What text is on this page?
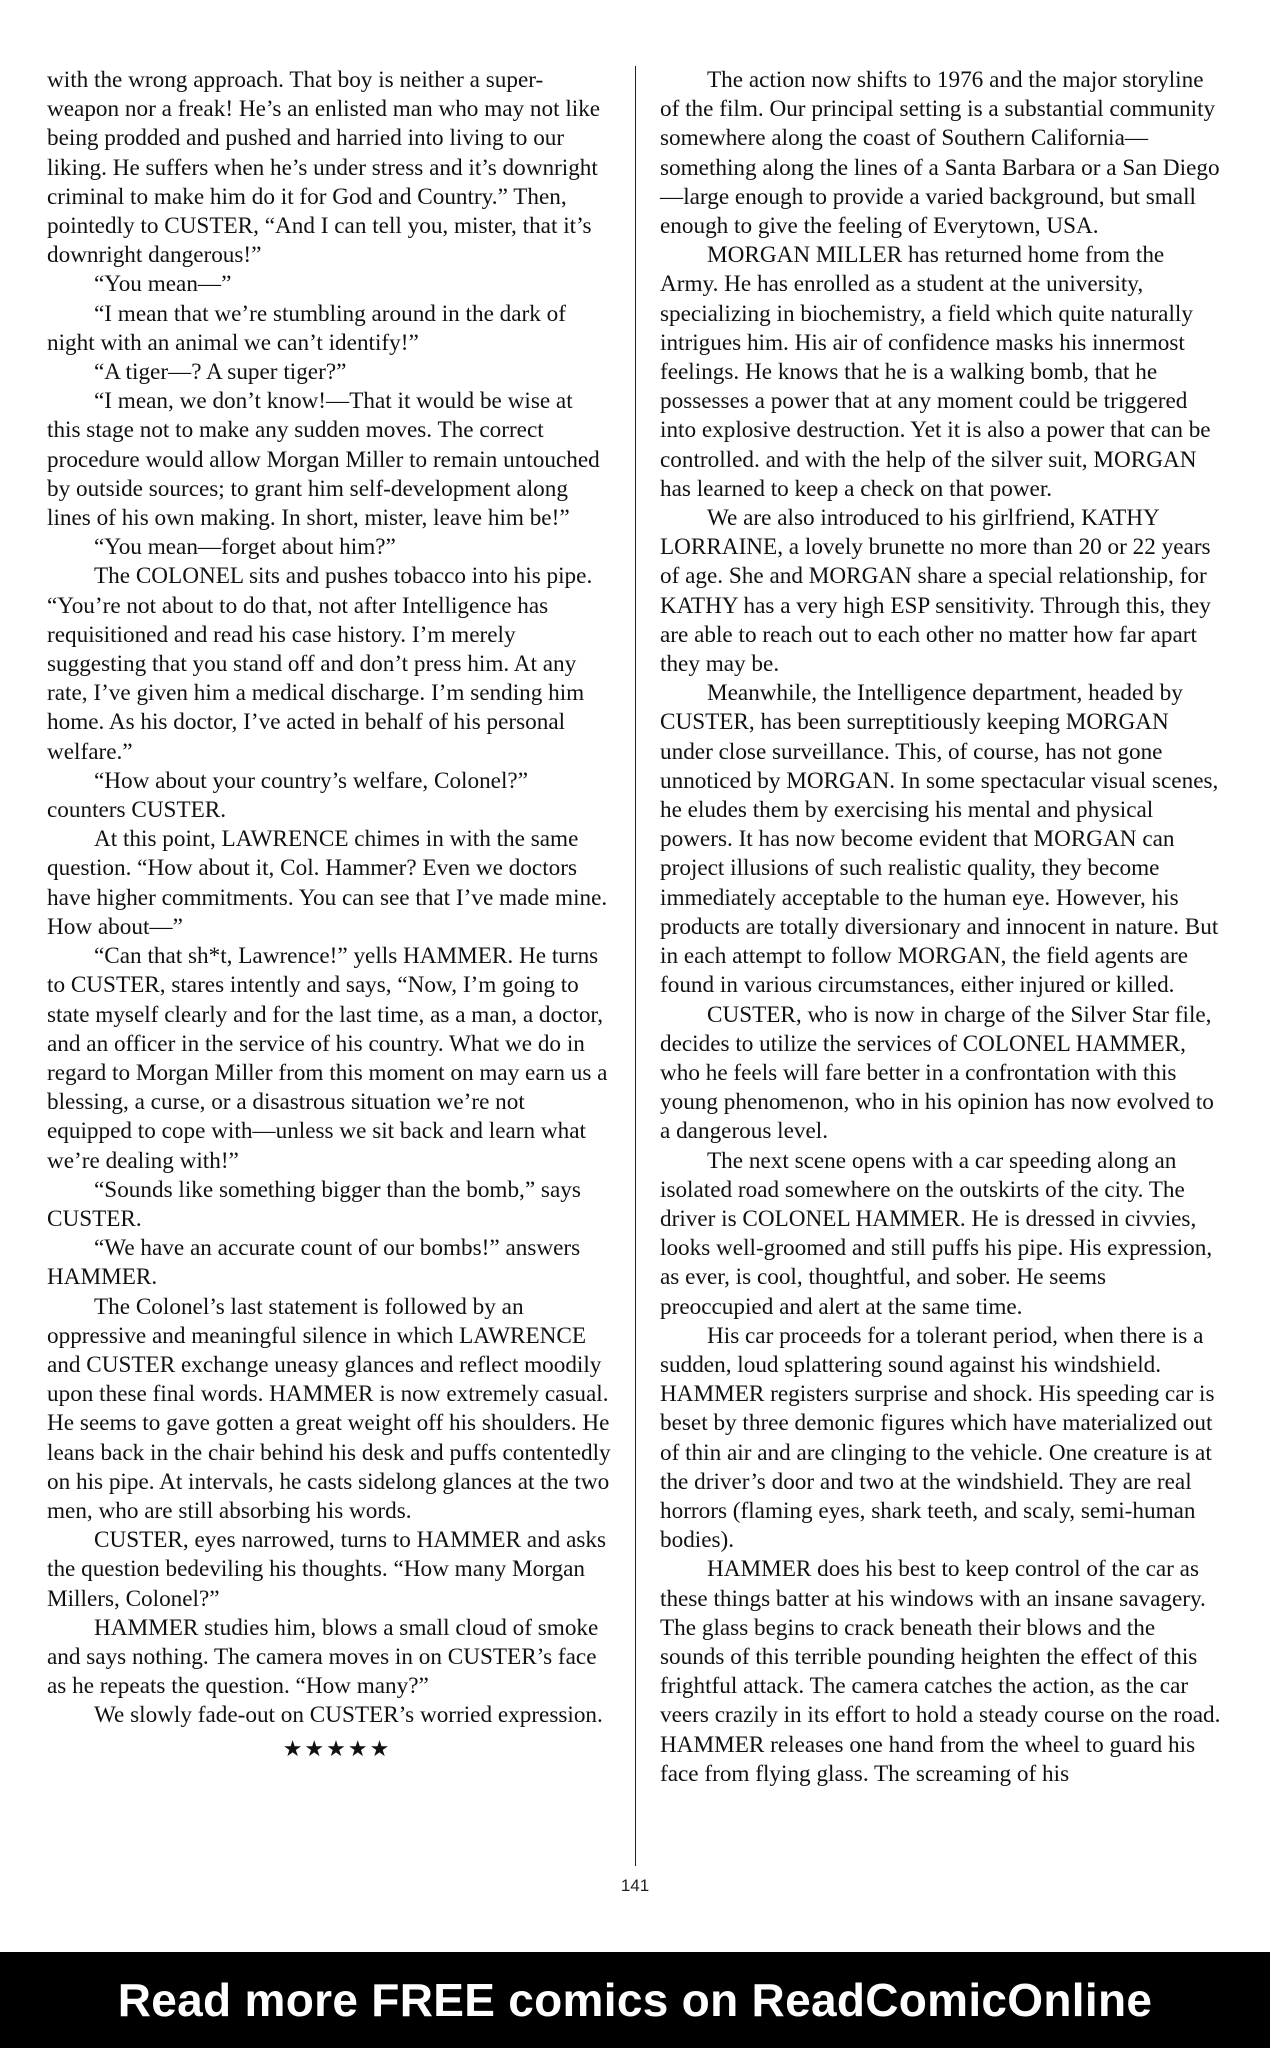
with the wrong approach. That boy is neither a super-weapon nor a freak! He’s an enlisted man who may not like being prodded and pushed and harried into living to our liking. He suffers when he’s under stress and it’s downright criminal to make him do it for God and Country.” Then, pointedly to CUSTER, “And I can tell you, mister, that it’s downright dangerous!”

“You mean—”

“I mean that we’re stumbling around in the dark of night with an animal we can’t identify!”

“A tiger—? A super tiger?”

“I mean, we don’t know!—That it would be wise at this stage not to make any sudden moves. The correct procedure would allow Morgan Miller to remain untouched by outside sources; to grant him self-development along lines of his own making. In short, mister, leave him be!”

“You mean—forget about him?”

The COLONEL sits and pushes tobacco into his pipe. “You’re not about to do that, not after Intelligence has requisitioned and read his case history. I’m merely suggesting that you stand off and don’t press him. At any rate, I’ve given him a medical discharge. I’m sending him home. As his doctor, I’ve acted in behalf of his personal welfare.”

“How about your country’s welfare, Colonel?” counters CUSTER.

At this point, LAWRENCE chimes in with the same question. “How about it, Col. Hammer? Even we doctors have higher commitments. You can see that I’ve made mine. How about—”

“Can that sh*t, Lawrence!” yells HAMMER. He turns to CUSTER, stares intently and says, “Now, I’m going to state myself clearly and for the last time, as a man, a doctor, and an officer in the service of his country. What we do in regard to Morgan Miller from this moment on may earn us a blessing, a curse, or a disastrous situation we’re not equipped to cope with—unless we sit back and learn what we’re dealing with!”

“Sounds like something bigger than the bomb,” says CUSTER.

“We have an accurate count of our bombs!” answers HAMMER.

The Colonel’s last statement is followed by an oppressive and meaningful silence in which LAWRENCE and CUSTER exchange uneasy glances and reflect moodily upon these final words. HAMMER is now extremely casual. He seems to gave gotten a great weight off his shoulders. He leans back in the chair behind his desk and puffs contentedly on his pipe. At intervals, he casts sidelong glances at the two men, who are still absorbing his words.

CUSTER, eyes narrowed, turns to HAMMER and asks the question bedeviling his thoughts. “How many Morgan Millers, Colonel?”

HAMMER studies him, blows a small cloud of smoke and says nothing. The camera moves in on CUSTER’s face as he repeats the question. “How many?”

We slowly fade-out on CUSTER’s worried expression.

★★★★★

The action now shifts to 1976 and the major storyline of the film. Our principal setting is a substantial community somewhere along the coast of Southern California—something along the lines of a Santa Barbara or a San Diego—large enough to provide a varied background, but small enough to give the feeling of Everytown, USA.

MORGAN MILLER has returned home from the Army. He has enrolled as a student at the university, specializing in biochemistry, a field which quite naturally intrigues him. His air of confidence masks his innermost feelings. He knows that he is a walking bomb, that he possesses a power that at any moment could be triggered into explosive destruction. Yet it is also a power that can be controlled. and with the help of the silver suit, MORGAN has learned to keep a check on that power.

We are also introduced to his girlfriend, KATHY LORRAINE, a lovely brunette no more than 20 or 22 years of age. She and MORGAN share a special relationship, for KATHY has a very high ESP sensitivity. Through this, they are able to reach out to each other no matter how far apart they may be.

Meanwhile, the Intelligence department, headed by CUSTER, has been surreptitiously keeping MORGAN under close surveillance. This, of course, has not gone unnoticed by MORGAN. In some spectacular visual scenes, he eludes them by exercising his mental and physical powers. It has now become evident that MORGAN can project illusions of such realistic quality, they become immediately acceptable to the human eye. However, his products are totally diversionary and innocent in nature. But in each attempt to follow MORGAN, the field agents are found in various circumstances, either injured or killed.

CUSTER, who is now in charge of the Silver Star file, decides to utilize the services of COLONEL HAMMER, who he feels will fare better in a confrontation with this young phenomenon, who in his opinion has now evolved to a dangerous level.

The next scene opens with a car speeding along an isolated road somewhere on the outskirts of the city. The driver is COLONEL HAMMER. He is dressed in civvies, looks well-groomed and still puffs his pipe. His expression, as ever, is cool, thoughtful, and sober. He seems preoccupied and alert at the same time.

His car proceeds for a tolerant period, when there is a sudden, loud splattering sound against his windshield. HAMMER registers surprise and shock. His speeding car is beset by three demonic figures which have materialized out of thin air and are clinging to the vehicle. One creature is at the driver’s door and two at the windshield. They are real horrors (flaming eyes, shark teeth, and scaly, semi-human bodies).

HAMMER does his best to keep control of the car as these things batter at his windows with an insane savagery. The glass begins to crack beneath their blows and the sounds of this terrible pounding heighten the effect of this frightful attack. The camera catches the action, as the car veers crazily in its effort to hold a steady course on the road. HAMMER releases one hand from the wheel to guard his face from flying glass. The screaming of his

141
Read more FREE comics on ReadComicOnline
